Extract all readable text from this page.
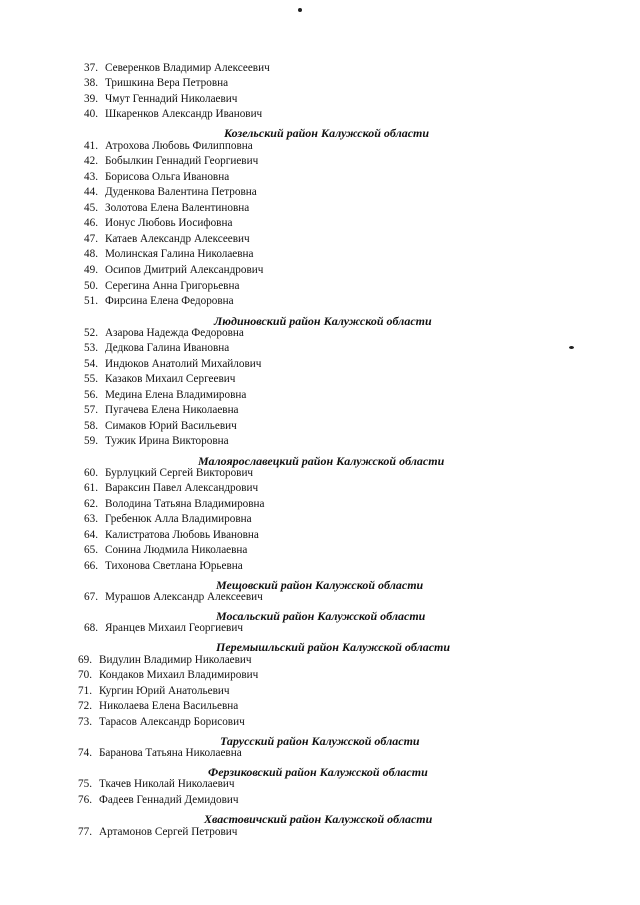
37. Северенков Владимир Алексеевич
38. Тришкина Вера Петровна
39. Чмут Геннадий Николаевич
40. Шкаренков Александр Иванович
Козельский район Калужской области
41. Атрохова Любовь Филипповна
42. Бобылкин Геннадий Георгиевич
43. Борисова Ольга Ивановна
44. Дуденкова Валентина Петровна
45. Золотова Елена Валентиновна
46. Ионус Любовь Иосифовна
47. Катаев Александр Алексеевич
48. Молинская Галина Николаевна
49. Осипов Дмитрий Александрович
50. Серегина Анна Григорьевна
51. Фирсина Елена Федоровна
Людиновский район Калужской области
52. Азарова Надежда Федоровна
53. Дедкова Галина Ивановна
54. Индюков Анатолий Михайлович
55. Казаков Михаил Сергеевич
56. Медина Елена Владимировна
57. Пугачева Елена Николаевна
58. Симаков Юрий Васильевич
59. Тужик Ирина Викторовна
Малоярославецкий район Калужской области
60. Бурлуцкий Сергей Викторович
61. Вараксин Павел Александрович
62. Володина Татьяна Владимировна
63. Гребенюк Алла Владимировна
64. Калистратова Любовь Ивановна
65. Сонина Людмила Николаевна
66. Тихонова Светлана Юрьевна
Мещовский район Калужской области
67. Мурашов Александр Алексеевич
Мосальский район Калужской области
68. Яранцев Михаил Георгиевич
Перемышльский район Калужской области
69. Видулин Владимир Николаевич
70. Кондаков Михаил Владимирович
71. Кургин Юрий Анатольевич
72. Николаева Елена Васильевна
73. Тарасов Александр Борисович
Тарусский район Калужской области
74. Баранова Татьяна Николаевна
Ферзиковский район Калужской области
75. Ткачев Николай Николаевич
76. Фадеев Геннадий Демидович
Хвастовичский район Калужской области
77. Артамонов Сергей Петрович
